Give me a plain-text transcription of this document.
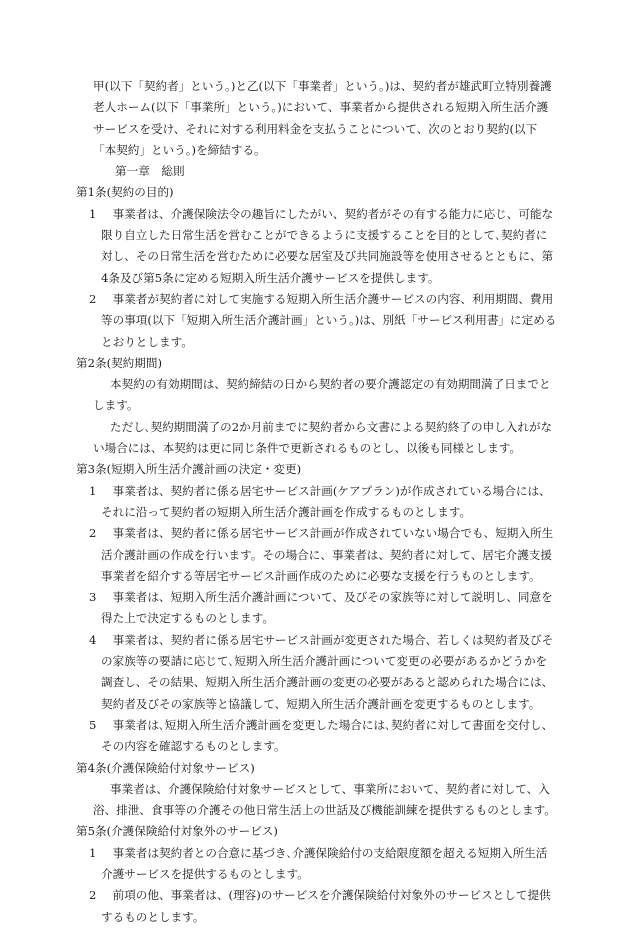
甲(以下「契約者」という。)と乙(以下「事業者」という。)は、契約者が雄武町立特別養護老人ホーム(以下「事業所」という。)において、事業者から提供される短期入所生活介護サービスを受け、それに対する利用料金を支払うことについて、次のとおり契約(以下「本契約」という。)を締結する。

第一章　総則

第1条(契約の目的)

1　 事業者は、介護保険法令の趣旨にしたがい、契約者がその有する能力に応じ、可能な限り自立した日常生活を営むことができるように支援することを目的として､契約者に対し、その日常生活を営むために必要な居室及び共同施設等を使用させるとともに、第4条及び第5条に定める短期入所生活介護サービスを提供します。

2　 事業者が契約者に対して実施する短期入所生活介護サービスの内容、利用期間、費用等の事項(以下「短期入所生活介護計画」という。)は、別紙「サービス利用書」に定めるとおりとします。

第2条(契約期間)

本契約の有効期間は、契約締結の日から契約者の要介護認定の有効期間満了日までとします。

ただし､契約期間満了の2か月前までに契約者から文書による契約終了の申し入れがない場合には、本契約は更に同じ条件で更新されるものとし、以後も同様とします。

第3条(短期入所生活介護計画の決定・変更)

1　 事業者は、契約者に係る居宅サービス計画(ケアプラン)が作成されている場合には、それに沿って契約者の短期入所生活介護計画を作成するものとします。

2　 事業者は、契約者に係る居宅サービス計画が作成されていない場合でも、短期入所生活介護計画の作成を行います。その場合に、事業者は、契約者に対して、居宅介護支援事業者を紹介する等居宅サービス計画作成のために必要な支援を行うものとします。

3　 事業者は、短期入所生活介護計画について、及びその家族等に対して説明し、同意を得た上で決定するものとします。

4　 事業者は、契約者に係る居宅サービス計画が変更された場合、若しくは契約者及びその家族等の要請に応じて､短期入所生活介護計画について変更の必要があるかどうかを調査し、その結果、短期入所生活介護計画の変更の必要があると認められた場合には、契約者及びその家族等と協議して、短期入所生活介護計画を変更するものとします。

5　 事業者は､短期入所生活介護計画を変更した場合には､契約者に対して書面を交付し、その内容を確認するものとします。

第4条(介護保険給付対象サービス)

事業者は、介護保険給付対象サービスとして、事業所において、契約者に対して、入浴、排泄、食事等の介護その他日常生活上の世話及び機能訓練を提供するものとします。

第5条(介護保険給付対象外のサービス)

1　 事業者は契約者との合意に基づき､介護保険給付の支給限度額を超える短期入所生活介護サービスを提供するものとします。

2　 前項の他、事業者は、(理容)のサービスを介護保険給付対象外のサービスとして提供するものとします。
